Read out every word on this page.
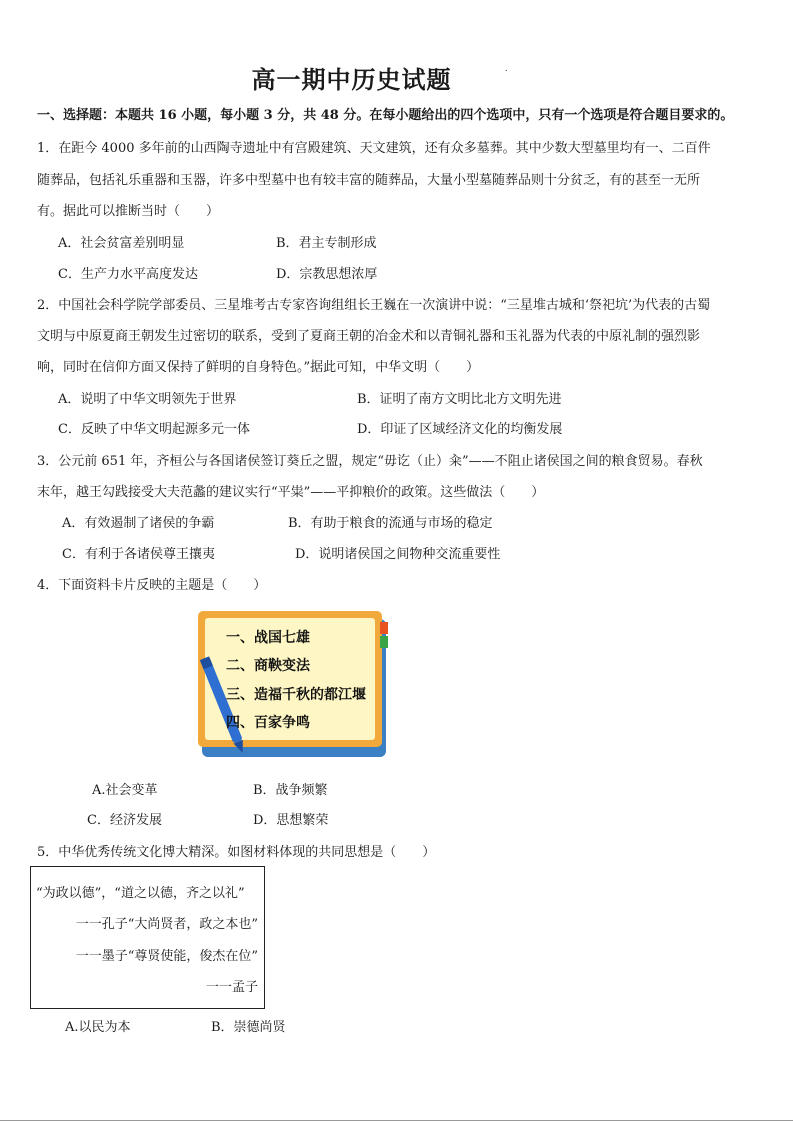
高一期中历史试题	.
一、选择题：本题共 16 小题，每小题 3 分，共 48 分。在每小题给出的四个选项中，只有一个选项是符合题目要求的。
1．在距今 4000 多年前的山西陶寺遗址中有宫殿建筑、天文建筑，还有众多墓葬。其中少数大型墓里均有一、二百件
随葬品，包括礼乐重器和玉器，许多中型墓中也有较丰富的随葬品，大量小型墓随葬品则十分贫乏，有的甚至一无所
有。据此可以推断当时（　　）
A．社会贫富差别明显	B．君主专制形成
C．生产力水平高度发达	D．宗教思想浓厚
2．中国社会科学院学部委员、三星堆考古专家咨询组组长王巍在一次演讲中说：“三星堆古城和‘祭祀坑’为代表的古蜀
文明与中原夏商王朝发生过密切的联系，受到了夏商王朝的冶金术和以青铜礼器和玉礼器为代表的中原礼制的强烈影
响，同时在信仰方面又保持了鲜明的自身特色。”据此可知，中华文明（　　）
A．说明了中华文明领先于世界	B．证明了南方文明比北方文明先进
C．反映了中华文明起源多元一体	D．印证了区域经济文化的均衡发展
3．公元前 651 年，齐桓公与各国诸侯签订葵丘之盟，规定“毋讫（止）籴”——不阻止诸侯国之间的粮食贸易。春秋
末年，越王勾践接受大夫范蠡的建议实行“平粜”——平抑粮价的政策。这些做法（　　）
A．有效遏制了诸侯的争霸	B．有助于粮食的流通与市场的稳定
C．有利于各诸侯尊王攘夷	D．说明诸侯国之间物种交流重要性
4．下面资料卡片反映的主题是（　　）
一、战国七雄
二、商鞅变法
三、造福千秋的都江堰
四、百家争鸣
A.社会变革	B．战争频繁
C．经济发展	D．思想繁荣
5．中华优秀传统文化博大精深。如图材料体现的共同思想是（　　）
“为政以德”，“道之以德，齐之以礼”
一一孔子“大尚贤者，政之本也”
一一墨子“尊贤使能，俊杰在位”
一一孟子
A.以民为本	B．崇德尚贤
